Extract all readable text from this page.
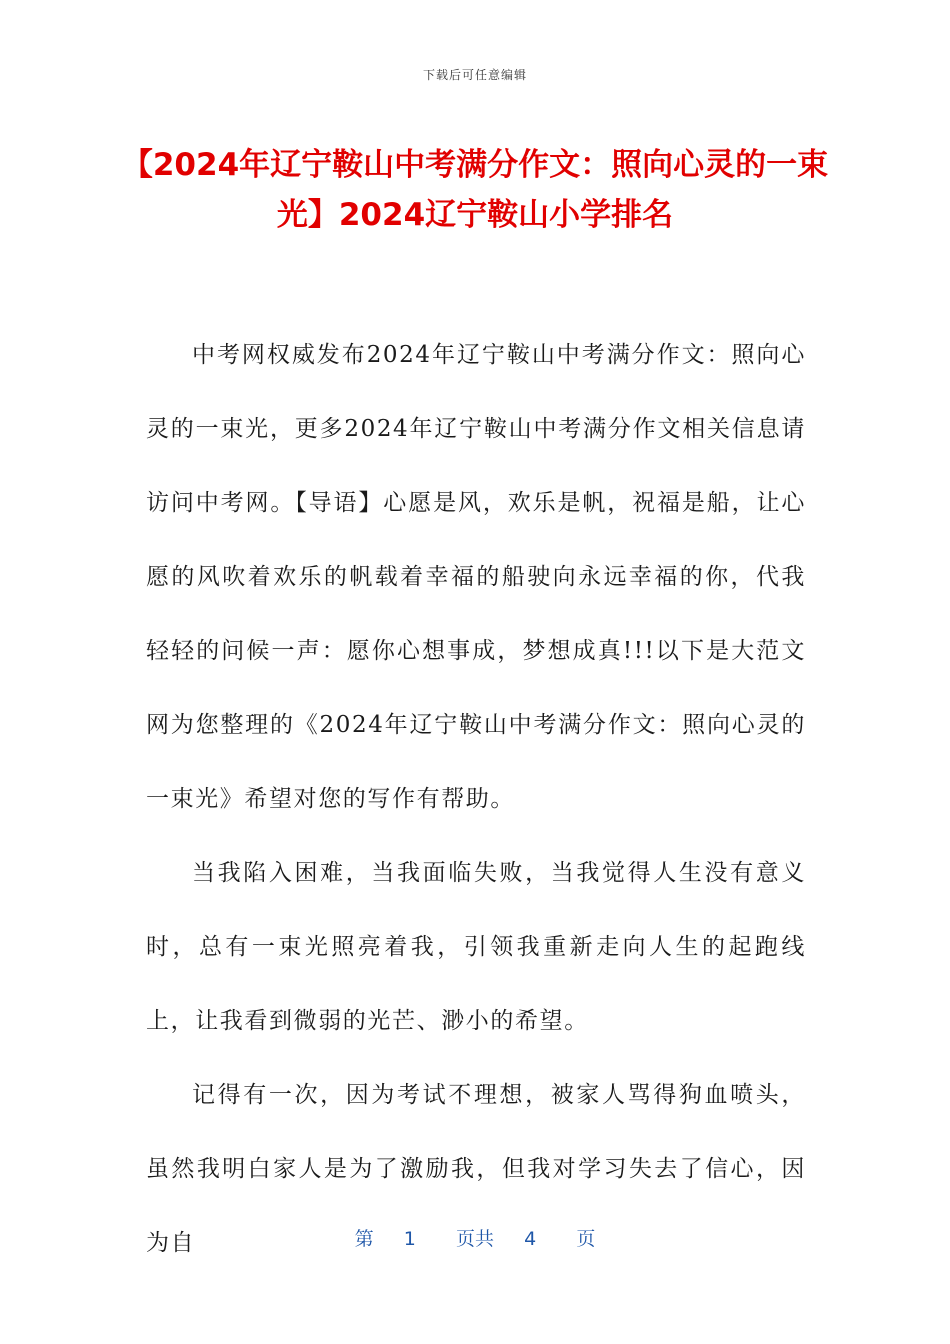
下载后可任意编辑
【2024年辽宁鞍山中考满分作文：照向心灵的一束光】2024辽宁鞍山小学排名

中考网权威发布2024年辽宁鞍山中考满分作文：照向心灵的一束光，更多2024年辽宁鞍山中考满分作文相关信息请访问中考网。【导语】心愿是风，欢乐是帆，祝福是船，让心愿的风吹着欢乐的帆载着幸福的船驶向永远幸福的你，代我轻轻的问候一声：愿你心想事成，梦想成真!!!以下是大范文网为您整理的《2024年辽宁鞍山中考满分作文：照向心灵的一束光》希望对您的写作有帮助。

当我陷入困难，当我面临失败，当我觉得人生没有意义时，总有一束光照亮着我，引领我重新走向人生的起跑线上，让我看到微弱的光芒、渺小的希望。

记得有一次，因为考试不理想，被家人骂得狗血喷头，虽然我明白家人是为了激励我，但我对学习失去了信心，因为自	第 1 页共 4 页
